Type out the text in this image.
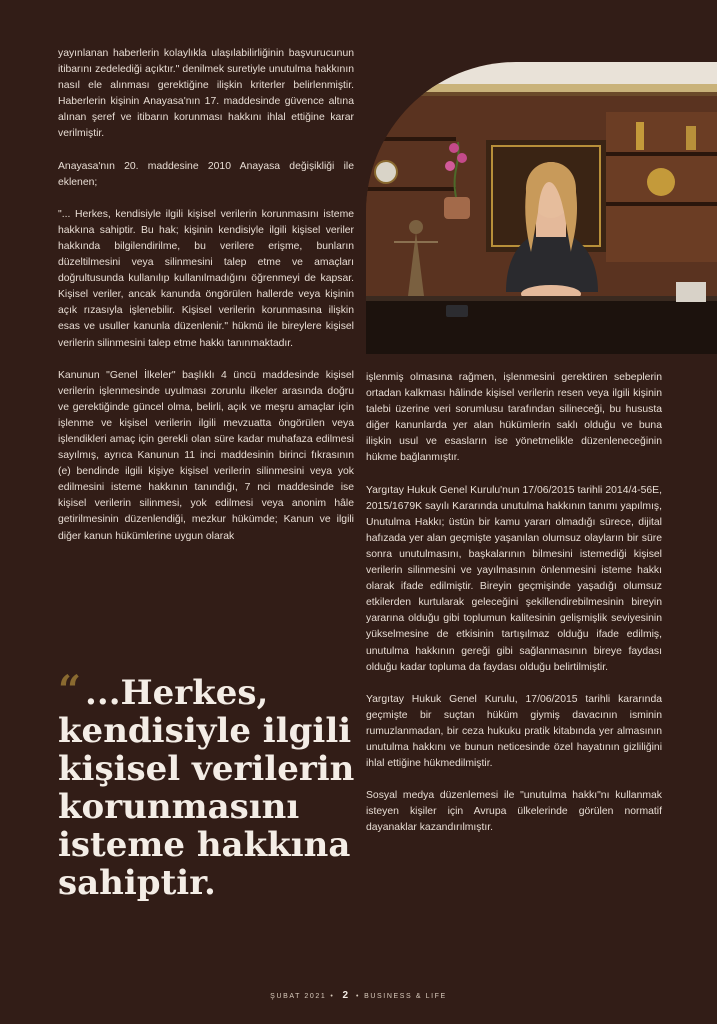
yayınlanan haberlerin kolaylıkla ulaşılabilirliğinin başvurucunun itibarını zedelediği açıktır." denilmek suretiyle unutulma hakkının nasıl ele alınması gerektiğine ilişkin kriterler belirlenmiştir. Haberlerin kişinin Anayasa'nın 17. maddesinde güvence altına alınan şeref ve itibarın korunması hakkını ihlal ettiğine karar verilmiştir.

Anayasa'nın 20. maddesine 2010 Anayasa değişikliği ile eklenen;

"... Herkes, kendisiyle ilgili kişisel verilerin korunmasını isteme hakkına sahiptir. Bu hak; kişinin kendisiyle ilgili kişisel veriler hakkında bilgilendirilme, bu verilere erişme, bunların düzeltilmesini veya silinmesini talep etme ve amaçları doğrultusunda kullanılıp kullanılmadığını öğrenmeyi de kapsar. Kişisel veriler, ancak kanunda öngörülen hallerde veya kişinin açık rızasıyla işlenebilir. Kişisel verilerin korunmasına ilişkin esas ve usuller kanunla düzenlenir." hükmü ile bireylere kişisel verilerin silinmesini talep etme hakkı tanınmaktadır.

Kanunun "Genel İlkeler" başlıklı 4 üncü maddesinde kişisel verilerin işlenmesinde uyulması zorunlu ilkeler arasında doğru ve gerektiğinde güncel olma, belirli, açık ve meşru amaçlar için işlenme ve kişisel verilerin ilgili mevzuatta öngörülen veya işlendikleri amaç için gerekli olan süre kadar muhafaza edilmesi sayılmış, ayrıca Kanunun 11 inci maddesinin birinci fıkrasının (e) bendinde ilgili kişiye kişisel verilerin silinmesini veya yok edilmesini isteme hakkının tanındığı, 7 nci maddesinde ise kişisel verilerin silinmesi, yok edilmesi veya anonim hâle getirilmesinin düzenlendiği, mezkur hükümde; Kanun ve ilgili diğer kanun hükümlerine uygun olarak

işlenmiş olmasına rağmen, işlenmesini gerektiren sebeplerin ortadan kalkması hâlinde kişisel verilerin resen veya ilgili kişinin talebi üzerine veri sorumlusu tarafından silineceği, bu hususta diğer kanunlarda yer alan hükümlerin saklı olduğu ve buna ilişkin usul ve esasların ise yönetmelikle düzenleneceğinin hükme bağlanmıştır.

Yargıtay Hukuk Genel Kurulu'nun 17/06/2015 tarihli 2014/4-56E, 2015/1679K sayılı Kararında unutulma hakkının tanımı yapılmış, Unutulma Hakkı; üstün bir kamu yararı olmadığı sürece, dijital hafızada yer alan geçmişte yaşanılan olumsuz olayların bir süre sonra unutulmasını, başkalarının bilmesini istemediği kişisel verilerin silinmesini ve yayılmasının önlenmesini isteme hakkı olarak ifade edilmiştir. Bireyin geçmişinde yaşadığı olumsuz etkilerden kurtularak geleceğini şekillendirebilmesinin bireyin yararına olduğu gibi toplumun kalitesinin gelişmişlik seviyesinin yükselmesine de etkisinin tartışılmaz olduğu ifade edilmiş, unutulma hakkının gereği gibi sağlanmasının bireye faydası olduğu kadar topluma da faydası olduğu belirtilmiştir.

Yargıtay Hukuk Genel Kurulu, 17/06/2015 tarihli kararında geçmişte bir suçtan hüküm giymiş davacının isminin rumuzlanmadan, bir ceza hukuku pratik kitabında yer almasının unutulma hakkını ve bunun neticesinde özel hayatının gizliliğini ihlal ettiğine hükmedilmiştir.

Sosyal medya düzenlemesi ile "unutulma hakkı"nı kullanmak isteyen kişiler için Avrupa ülkelerinde görülen normatif dayanaklar kazandırılmıştır.

“ ...Herkes, kendisiyle ilgili kişisel verilerin korunmasını isteme hakkına sahiptir.
ŞUBAT 2021 • 2 • BUSINESS & LIFE
